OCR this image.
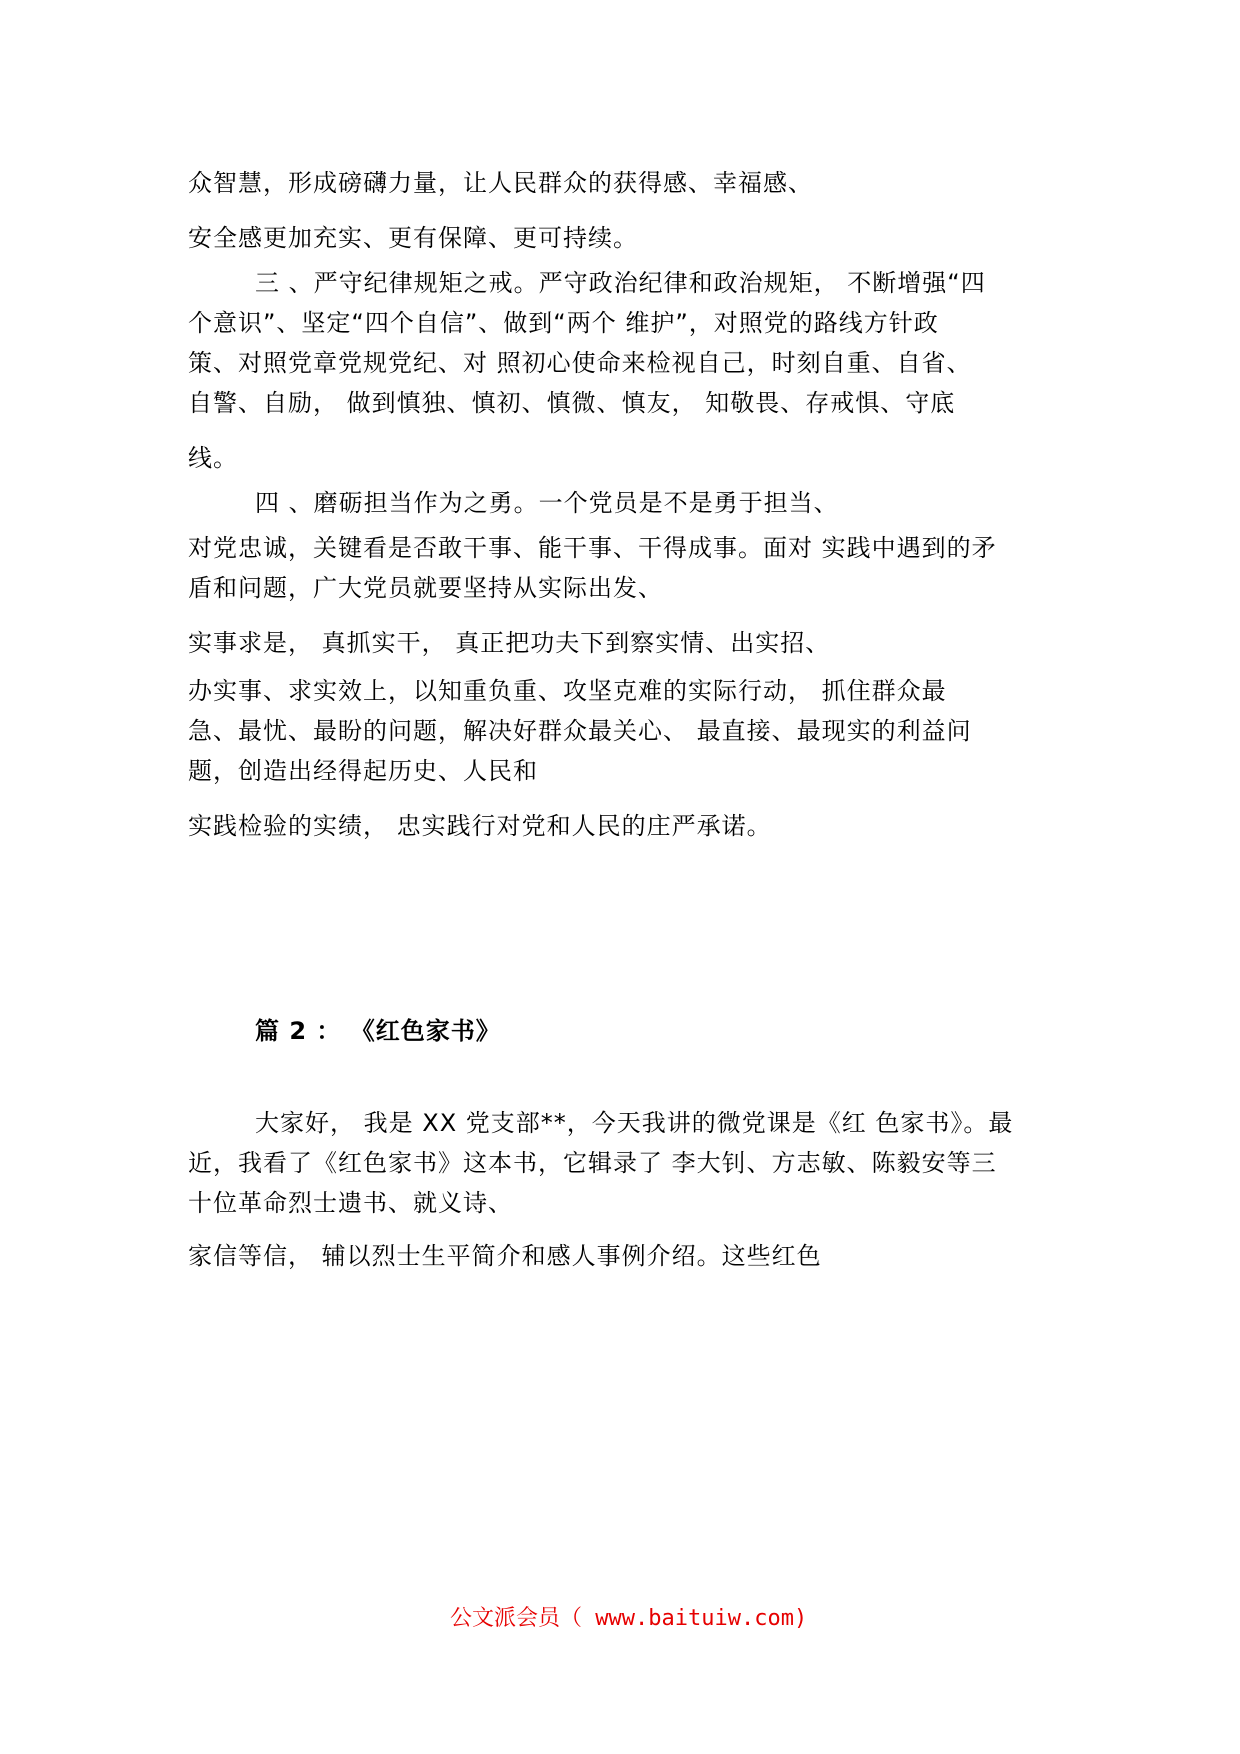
众智慧，形成磅礴力量，让人民群众的获得感、幸福感、
安全感更加充实、更有保障、更可持续。
三 、严守纪律规矩之戒。严守政治纪律和政治规矩， 不断增强“四
个意识”、坚定“四个自信”、做到“两个 维护”，对照党的路线方针政
策、对照党章党规党纪、对 照初心使命来检视自己，时刻自重、自省、
自警、自励， 做到慎独、慎初、慎微、慎友， 知敬畏、存戒惧、守底
线。
四 、磨砺担当作为之勇。一个党员是不是勇于担当、
对党忠诚，关键看是否敢干事、能干事、干得成事。面对 实践中遇到的矛
盾和问题，广大党员就要坚持从实际出发、
实事求是， 真抓实干， 真正把功夫下到察实情、出实招、
办实事、求实效上，以知重负重、攻坚克难的实际行动， 抓住群众最
急、最忧、最盼的问题，解决好群众最关心、 最直接、最现实的利益问
题，创造出经得起历史、人民和
实践检验的实绩， 忠实践行对党和人民的庄严承诺。
篇 2 ： 《红色家书》
大家好， 我是 XX 党支部**，今天我讲的微党课是《红 色家书》。最
近，我看了《红色家书》这本书，它辑录了 李大钊、方志敏、陈毅安等三
十位革命烈士遗书、就义诗、
家信等信， 辅以烈士生平简介和感人事例介绍。这些红色
公文派会员（ www.baituiw.com)
